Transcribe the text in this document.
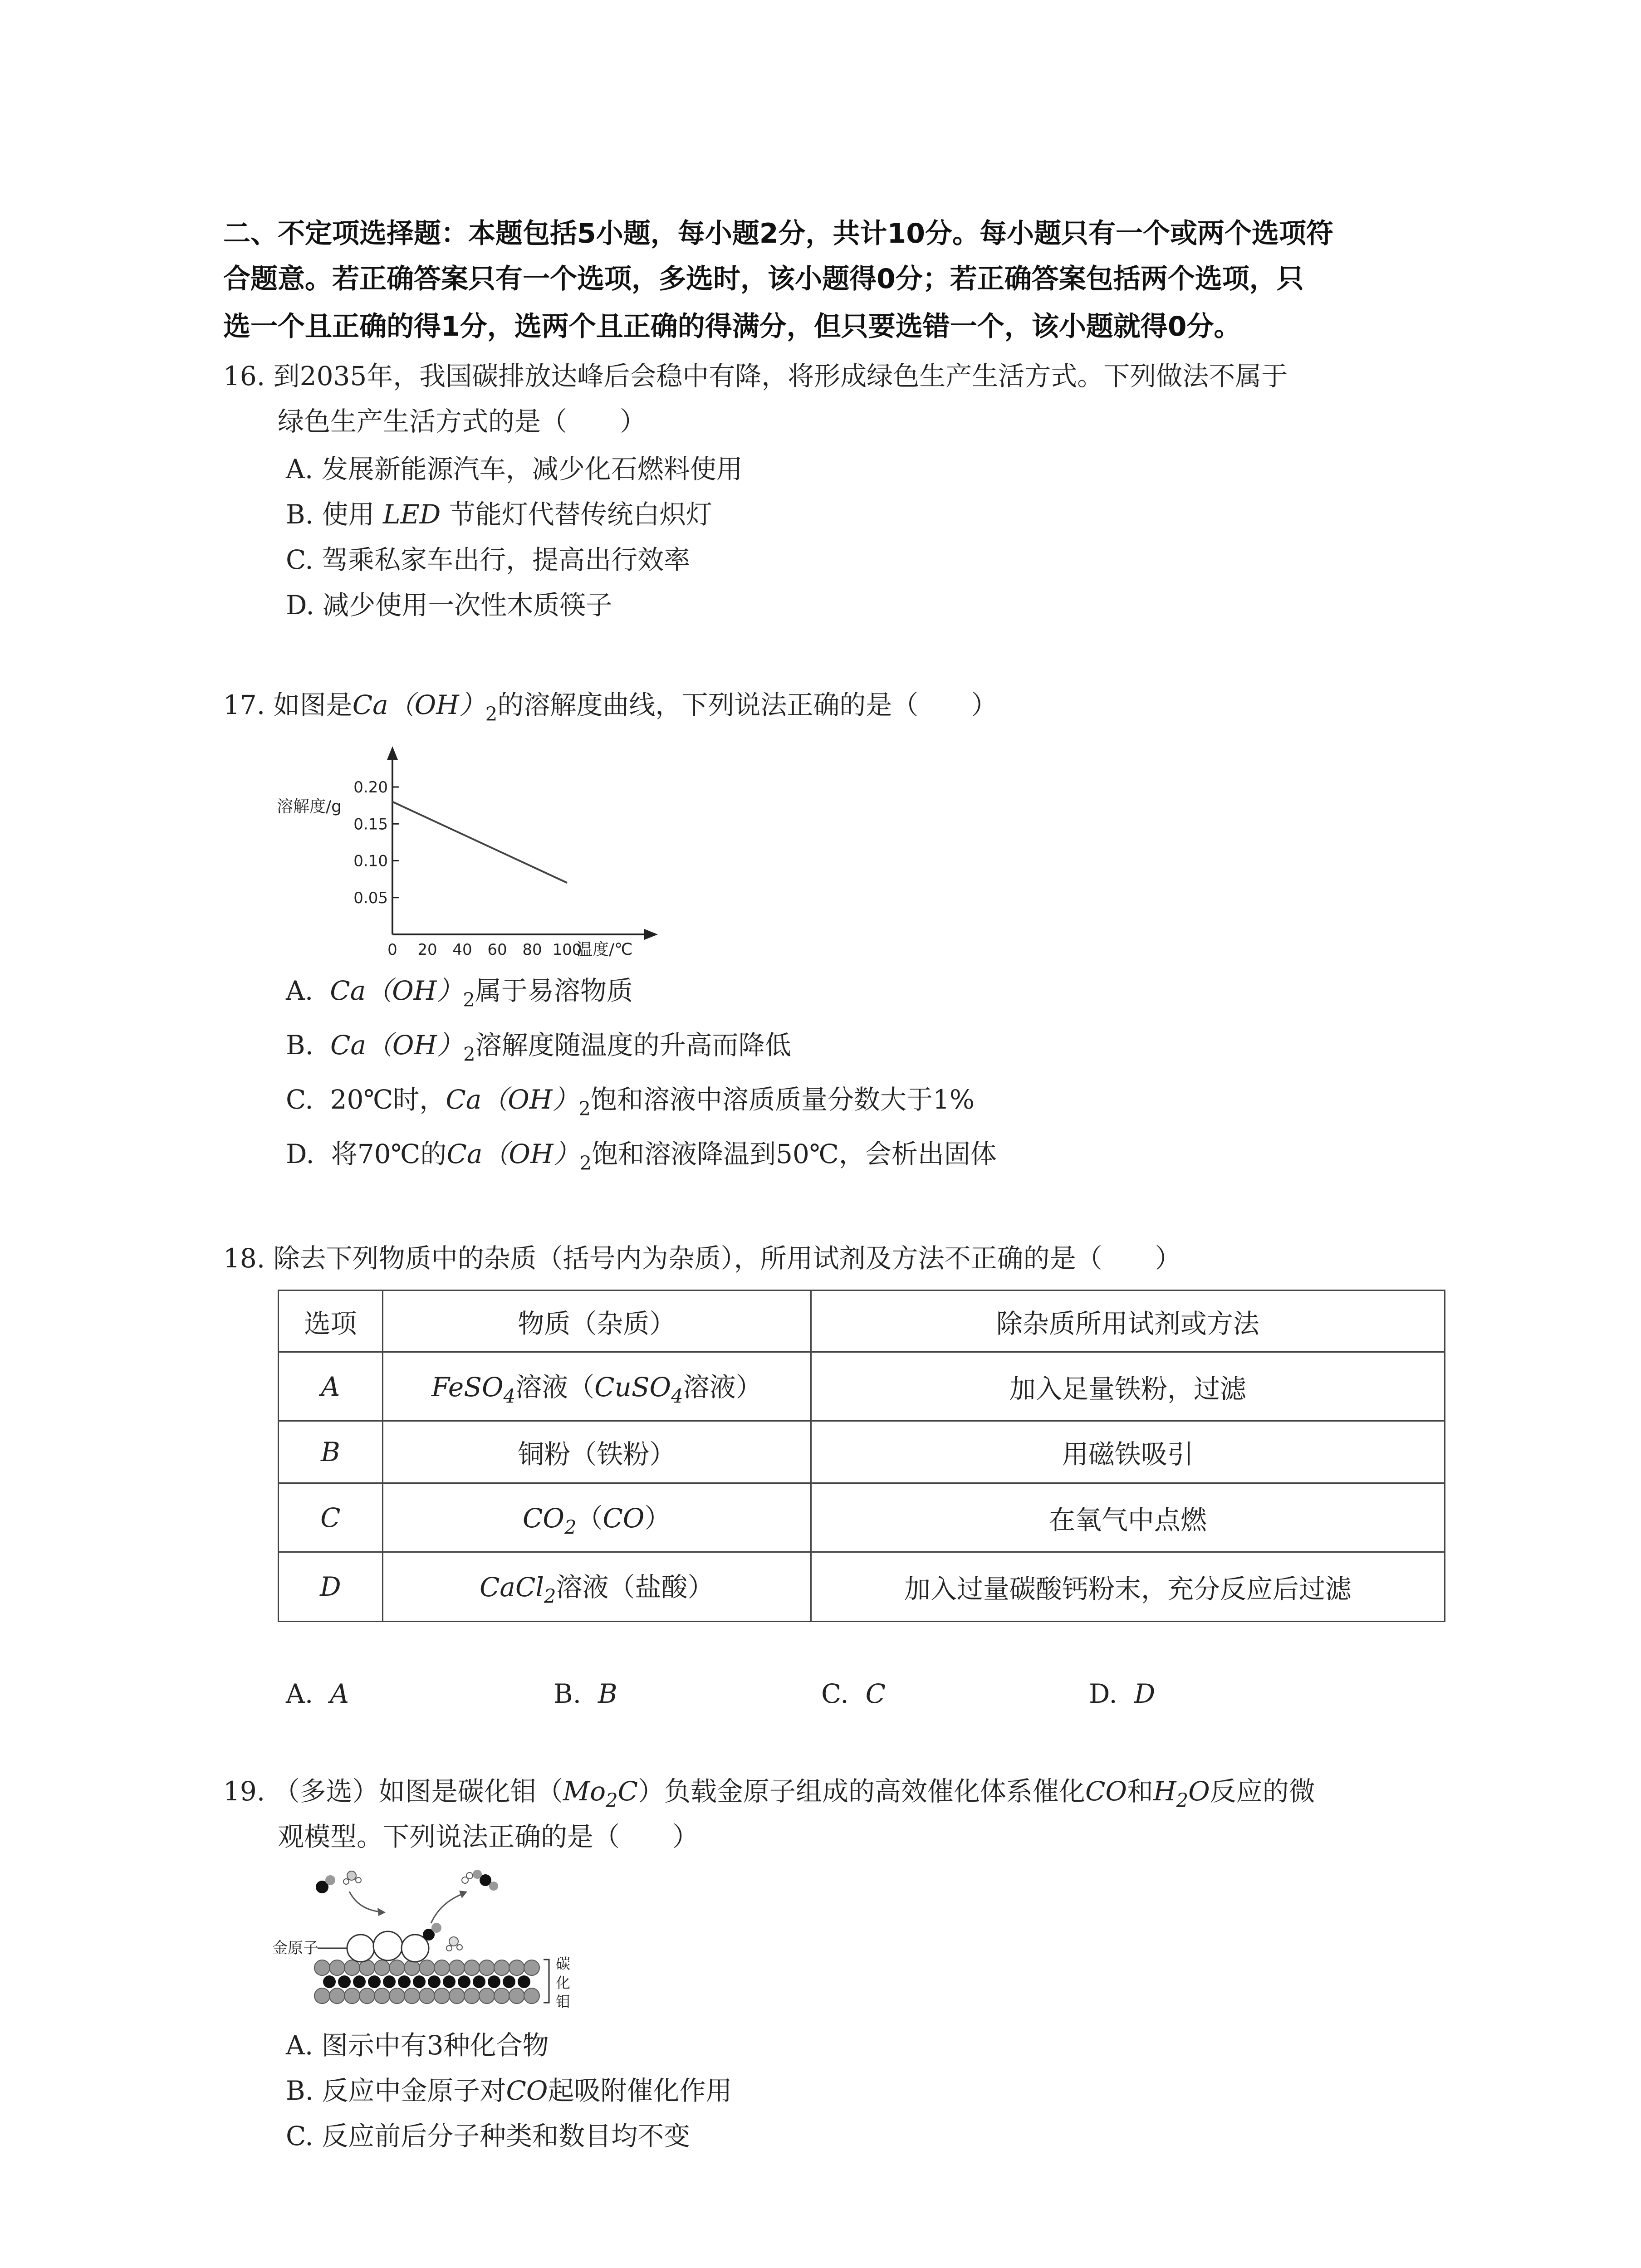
二、不定项选择题：本题包括5小题，每小题2分，共计10分。每小题只有一个或两个选项符
合题意。若正确答案只有一个选项，多选时，该小题得0分；若正确答案包括两个选项，只
选一个且正确的得1分，选两个且正确的得满分，但只要选错一个，该小题就得0分。
16. 到2035年，我国碳排放达峰后会稳中有降，将形成绿色生产生活方式。下列做法不属于
绿色生产生活方式的是（　　）
A. 发展新能源汽车，减少化石燃料使用
B. 使用 LED 节能灯代替传统白炽灯
C. 驾乘私家车出行，提高出行效率
D. 减少使用一次性木质筷子
17. 如图是$Ca(OH)_2$的溶解度曲线，下列说法正确的是（　　）
溶解度/g
温度/℃
0 20 40 60 80 100
0.05
0.10
0.15
0.20
A. $Ca(OH)_2$属于易溶物质
B. $Ca(OH)_2$溶解度随温度的升高而降低
C. 20℃时，$Ca(OH)_2$饱和溶液中溶质质量分数大于1%
D. 将70℃的$Ca(OH)_2$饱和溶液降温到50℃，会析出固体
18. 除去下列物质中的杂质（括号内为杂质），所用试剂及方法不正确的是（　　）
选项	物质（杂质）	除杂质所用试剂或方法
A	FeSO$_4$溶液（CuSO$_4$溶液）	加入足量铁粉，过滤
B	铜粉（铁粉）	用磁铁吸引
C	$CO_2(CO)$	在氧气中点燃
D	CaCl$_2$溶液（盐酸）	加入过量碳酸钙粉末，充分反应后过滤
A. A	B. B	C. C	D. D
19. （多选）如图是碳化钼$(Mo_2C)$负载金原子组成的高效催化体系催化CO和$H_2O$反应的微
观模型。下列说法正确的是（　　）
金原子
碳
化
钼
A. 图示中有3种化合物
B. 反应中金原子对CO起吸附催化作用
C. 反应前后分子种类和数目均不变
